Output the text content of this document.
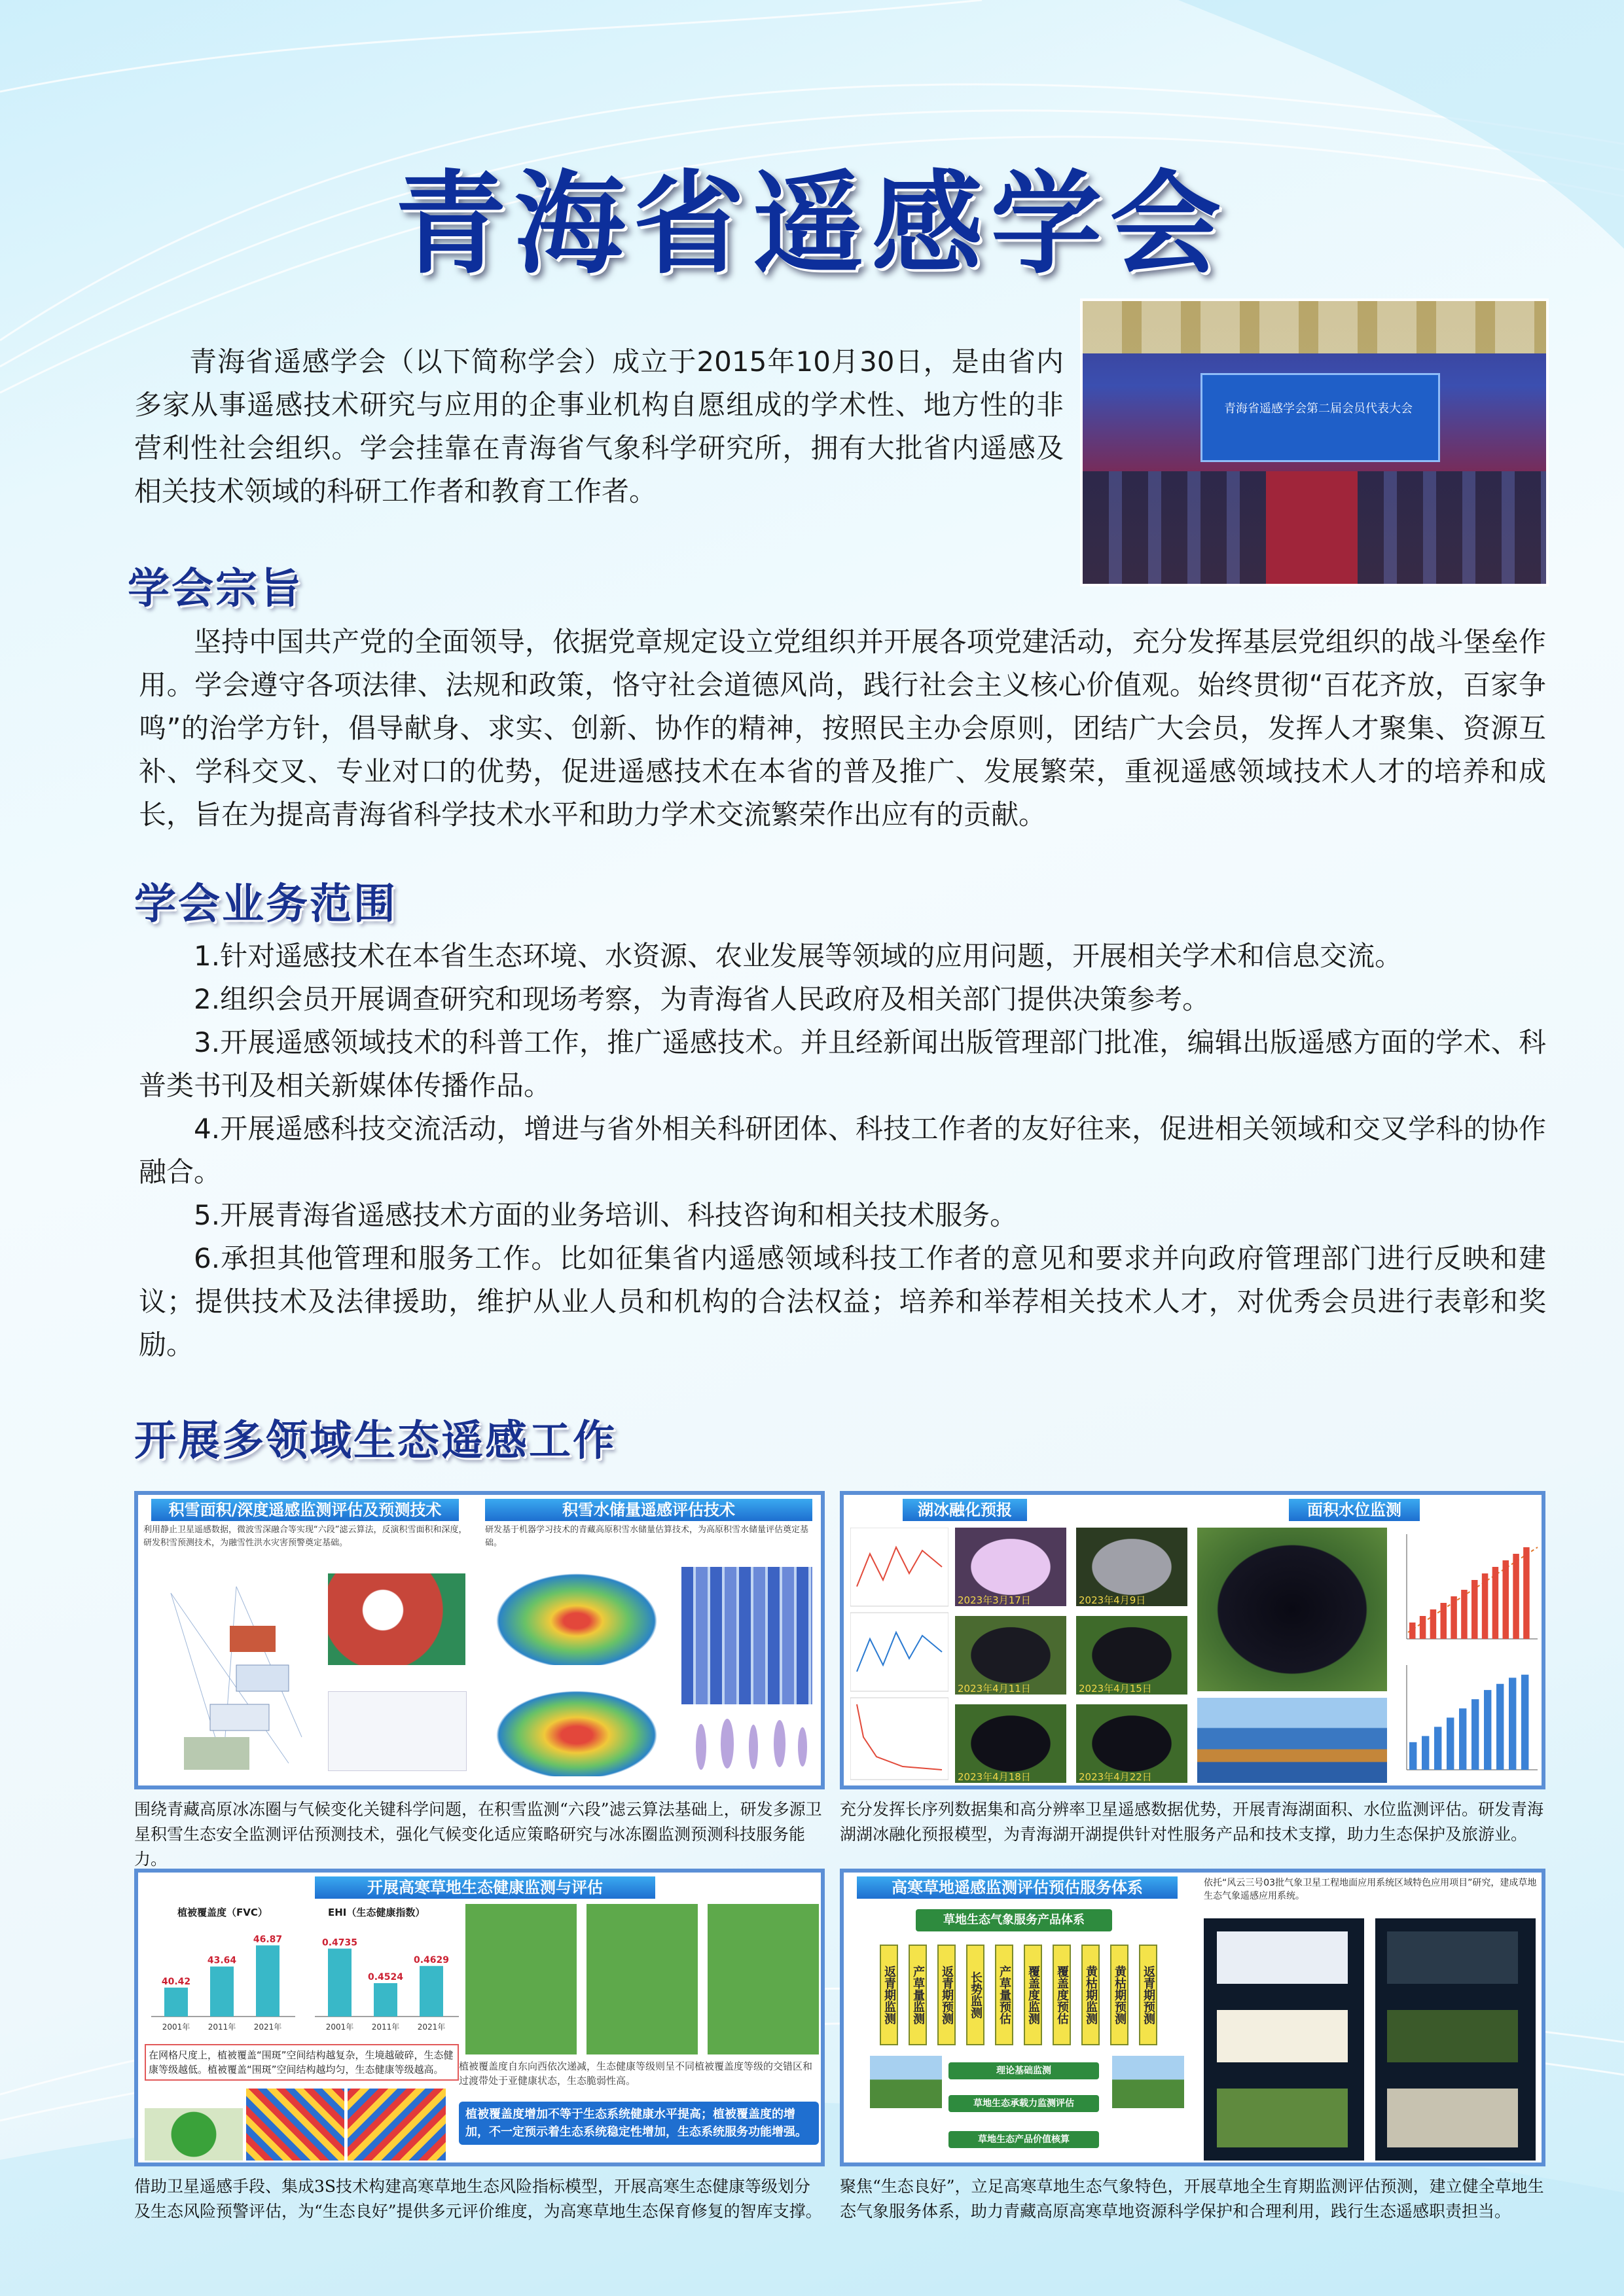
青海省遥感学会
青海省遥感学会（以下简称学会）成立于2015年10月30日，是由省内多家从事遥感技术研究与应用的企事业机构自愿组成的学术性、地方性的非营利性社会组织。学会挂靠在青海省气象科学研究所，拥有大批省内遥感及相关技术领域的科研工作者和教育工作者。
青海省遥感学会第二届会员代表大会
学会宗旨
坚持中国共产党的全面领导，依据党章规定设立党组织并开展各项党建活动，充分发挥基层党组织的战斗堡垒作用。学会遵守各项法律、法规和政策，恪守社会道德风尚，践行社会主义核心价值观。始终贯彻“百花齐放，百家争鸣”的治学方针，倡导献身、求实、创新、协作的精神，按照民主办会原则，团结广大会员，发挥人才聚集、资源互补、学科交叉、专业对口的优势，促进遥感技术在本省的普及推广、发展繁荣，重视遥感领域技术人才的培养和成长，旨在为提高青海省科学技术水平和助力学术交流繁荣作出应有的贡献。
学会业务范围
1.针对遥感技术在本省生态环境、水资源、农业发展等领域的应用问题，开展相关学术和信息交流。
2.组织会员开展调查研究和现场考察，为青海省人民政府及相关部门提供决策参考。
3.开展遥感领域技术的科普工作，推广遥感技术。并且经新闻出版管理部门批准，编辑出版遥感方面的学术、科普类书刊及相关新媒体传播作品。
4.开展遥感科技交流活动，增进与省外相关科研团体、科技工作者的友好往来，促进相关领域和交叉学科的协作融合。
5.开展青海省遥感技术方面的业务培训、科技咨询和相关技术服务。
6.承担其他管理和服务工作。比如征集省内遥感领域科技工作者的意见和要求并向政府管理部门进行反映和建议；提供技术及法律援助，维护从业人员和机构的合法权益；培养和举荐相关技术人才，对优秀会员进行表彰和奖励。
开展多领域生态遥感工作
积雪面积/深度遥感监测评估及预测技术	积雪水储量遥感评估技术
利用静止卫星遥感数据，微波雪深融合等实现“六段”滤云算法，反演积雪面积和深度，研发积雪预测技术，为融雪性洪水灾害预警奠定基础。
研发基于机器学习技术的青藏高原积雪水储量估算技术，为高原积雪水储量评估奠定基础。
围绕青藏高原冰冻圈与气候变化关键科学问题，在积雪监测“六段”滤云算法基础上，研发多源卫星积雪生态安全监测评估预测技术，强化气候变化适应策略研究与冰冻圈监测预测科技服务能力。
湖冰融化预报	面积水位监测
2023年3月17日	2023年4月9日
2023年4月11日	2023年4月15日
2023年4月18日	2023年4月22日
充分发挥长序列数据集和高分辨率卫星遥感数据优势，开展青海湖面积、水位监测评估。研发青海湖湖冰融化预报模型，为青海湖开湖提供针对性服务产品和技术支撑，助力生态保护及旅游业。
开展高寒草地生态健康监测与评估
植被覆盖度（FVC）
40.42
2001年
43.64
2011年
46.87
2021年
EHI（生态健康指数）
0.4735
2001年
0.4524
2011年
0.4629
2021年
在网格尺度上，植被覆盖“围斑”空间结构越复杂，生境越破碎，生态健康等级越低。植被覆盖“围斑”空间结构越均匀，生态健康等级越高。	植被覆盖度自东向西依次递减，生态健康等级则呈不同植被覆盖度等级的交错区和过渡带处于亚健康状态，生态脆弱性高。
植被覆盖度增加不等于生态系统健康水平提高；植被覆盖度的增加，不一定预示着生态系统稳定性增加，生态系统服务功能增强。
借助卫星遥感手段、集成3S技术构建高寒草地生态风险指标模型，开展高寒生态健康等级划分及生态风险预警评估，为“生态良好”提供多元评价维度，为高寒草地生态保育修复的智库支撑。
高寒草地遥感监测评估预估服务体系	依托“风云三号03批气象卫星工程地面应用系统区域特色应用项目”研究，建成草地生态气象遥感应用系统。
草地生态气象服务产品体系
返青期监测 产草量监测 返青期预测 长势监测 产草量预估 覆盖度监测 覆盖度预估 黄枯期监测 黄枯期预测 返青期预测
理论基础监测
草地生态承载力监测评估
草地生态产品价值核算
聚焦“生态良好”，立足高寒草地生态气象特色，开展草地全生育期监测评估预测，建立健全草地生态气象服务体系，助力青藏高原高寒草地资源科学保护和合理利用，践行生态遥感职责担当。
